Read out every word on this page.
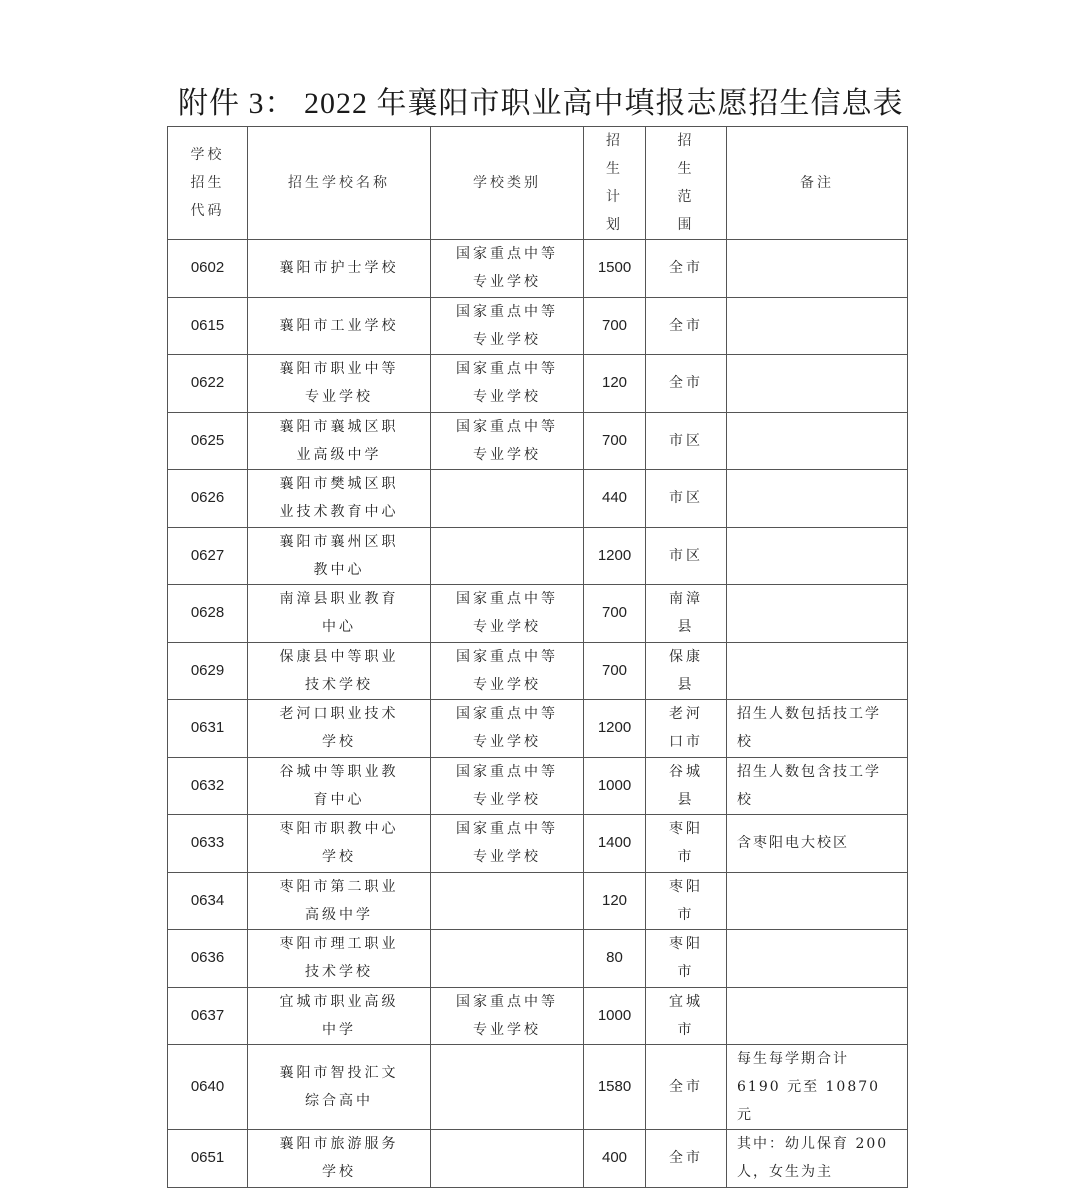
附件 3： 2022 年襄阳市职业高中填报志愿招生信息表
学校招生代码	招生学校名称	学校类别	招生计划	招生范围	备注
0602	襄阳市护士学校	国家重点中等专业学校	1500	全市	

0615	襄阳市工业学校	国家重点中等专业学校	700	全市	

0622	襄阳市职业中等专业学校	国家重点中等专业学校	120	全市	

0625	襄阳市襄城区职业高级中学	国家重点中等专业学校	700	市区	

0626	襄阳市樊城区职业技术教育中心		440	市区	

0627	襄阳市襄州区职教中心		1200	市区	

0628	南漳县职业教育中心	国家重点中等专业学校	700	南漳县	

0629	保康县中等职业技术学校	国家重点中等专业学校	700	保康县	

0631	老河口职业技术学校	国家重点中等专业学校	1200	老河口市	招生人数包括技工学校

0632	谷城中等职业教育中心	国家重点中等专业学校	1000	谷城县	招生人数包含技工学校

0633	枣阳市职教中心学校	国家重点中等专业学校	1400	枣阳市	含枣阳电大校区

0634	枣阳市第二职业高级中学		120	枣阳市	

0636	枣阳市理工职业技术学校		80	枣阳市	

0637	宜城市职业高级中学	国家重点中等专业学校	1000	宜城市	

0640	襄阳市智投汇文综合高中		1580	全市	每生每学期合计 6190 元至 10870 元

0651	襄阳市旅游服务学校		400	全市	其中：幼儿保育 200 人，女生为主
